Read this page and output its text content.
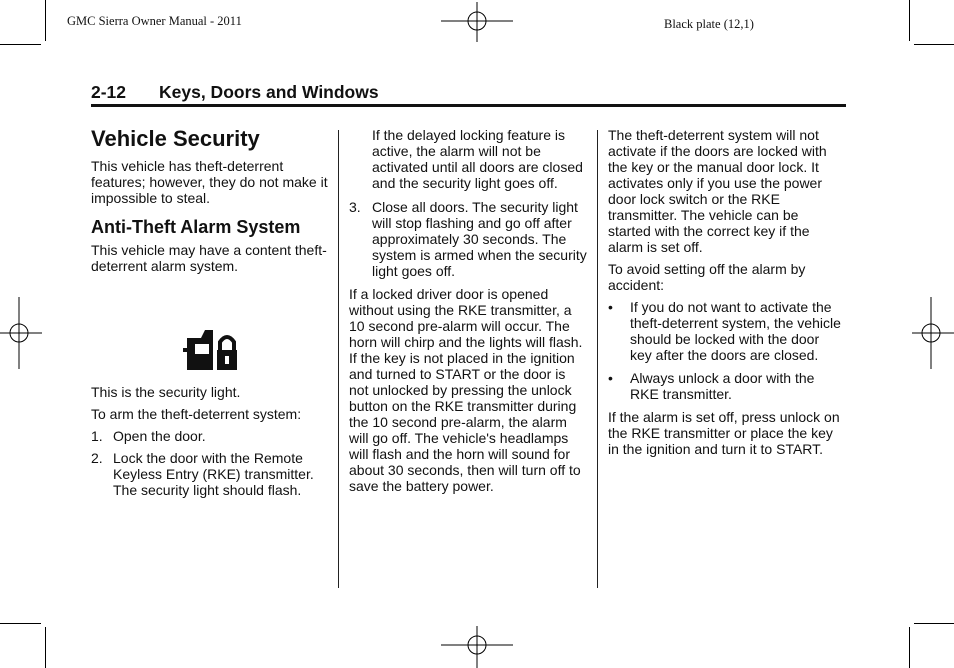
GMC Sierra Owner Manual - 2011	Black plate (12,1)
2-12 Keys, Doors and Windows
Vehicle Security

This vehicle has theft-deterrent features; however, they do not make it impossible to steal.

Anti-Theft Alarm System

This vehicle may have a content theft-deterrent alarm system.

This is the security light.

To arm the theft-deterrent system:

1. Open the door.
2. Lock the door with the Remote Keyless Entry (RKE) transmitter. The security light should flash.

If the delayed locking feature is active, the alarm will not be activated until all doors are closed and the security light goes off.

3. Close all doors. The security light will stop flashing and go off after approximately 30 seconds. The system is armed when the security light goes off.

If a locked driver door is opened without using the RKE transmitter, a 10 second pre-alarm will occur. The horn will chirp and the lights will flash. If the key is not placed in the ignition and turned to START or the door is not unlocked by pressing the unlock button on the RKE transmitter during the 10 second pre-alarm, the alarm will go off. The vehicle's headlamps will flash and the horn will sound for about 30 seconds, then will turn off to save the battery power.

The theft-deterrent system will not activate if the doors are locked with the key or the manual door lock. It activates only if you use the power door lock switch or the RKE transmitter. The vehicle can be started with the correct key if the alarm is set off.

To avoid setting off the alarm by accident:

• If you do not want to activate the theft-deterrent system, the vehicle should be locked with the door key after the doors are closed.
• Always unlock a door with the RKE transmitter.

If the alarm is set off, press unlock on the RKE transmitter or place the key in the ignition and turn it to START.
